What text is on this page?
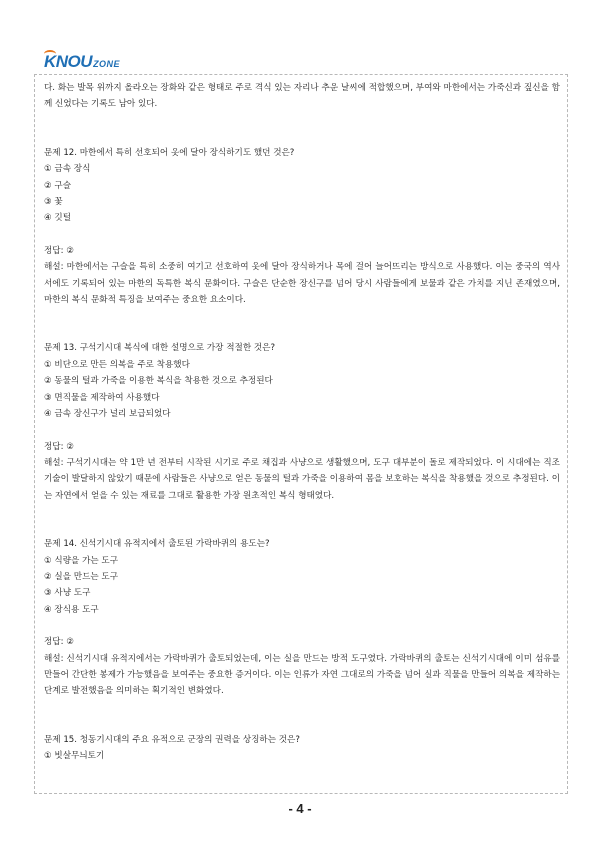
KNOU ZONE

다. 화는 발목 위까지 올라오는 장화와 같은 형태로 주로 격식 있는 자리나 추운 날씨에 적합했으며, 부여와 마한에서는 가죽신과 짚신을 함께 신었다는 기록도 남아 있다.

문제 12. 마한에서 특히 선호되어 옷에 달아 장식하기도 했던 것은?

① 금속 장식

② 구슬

③ 꽃

④ 깃털

정답: ②

해설: 마한에서는 구슬을 특히 소중히 여기고 선호하여 옷에 달아 장식하거나 목에 걸어 늘어뜨리는 방식으로 사용했다. 이는 중국의 역사서에도 기록되어 있는 마한의 독특한 복식 문화이다. 구슬은 단순한 장신구를 넘어 당시 사람들에게 보물과 같은 가치를 지닌 존재였으며, 마한의 복식 문화적 특징을 보여주는 중요한 요소이다.

문제 13. 구석기시대 복식에 대한 설명으로 가장 적절한 것은?

① 비단으로 만든 의복을 주로 착용했다

② 동물의 털과 가죽을 이용한 복식을 착용한 것으로 추정된다

③ 면직물을 제작하여 사용했다

④ 금속 장신구가 널리 보급되었다

정답: ②

해설: 구석기시대는 약 1만 년 전부터 시작된 시기로 주로 채집과 사냥으로 생활했으며, 도구 대부분이 돌로 제작되었다. 이 시대에는 직조 기술이 발달하지 않았기 때문에 사람들은 사냥으로 얻은 동물의 털과 가죽을 이용하여 몸을 보호하는 복식을 착용했을 것으로 추정된다. 이는 자연에서 얻을 수 있는 재료를 그대로 활용한 가장 원초적인 복식 형태였다.

문제 14. 신석기시대 유적지에서 출토된 가락바퀴의 용도는?

① 식량을 가는 도구

② 실을 만드는 도구

③ 사냥 도구

④ 장식용 도구

정답: ②

해설: 신석기시대 유적지에서는 가락바퀴가 출토되었는데, 이는 실을 만드는 방적 도구였다. 가락바퀴의 출토는 신석기시대에 이미 섬유를 만들어 간단한 봉제가 가능했음을 보여주는 중요한 증거이다. 이는 인류가 자연 그대로의 가죽을 넘어 실과 직물을 만들어 의복을 제작하는 단계로 발전했음을 의미하는 획기적인 변화였다.

문제 15. 청동기시대의 주요 유적으로 군장의 권력을 상징하는 것은?

① 빗살무늬토기

- 4 -
